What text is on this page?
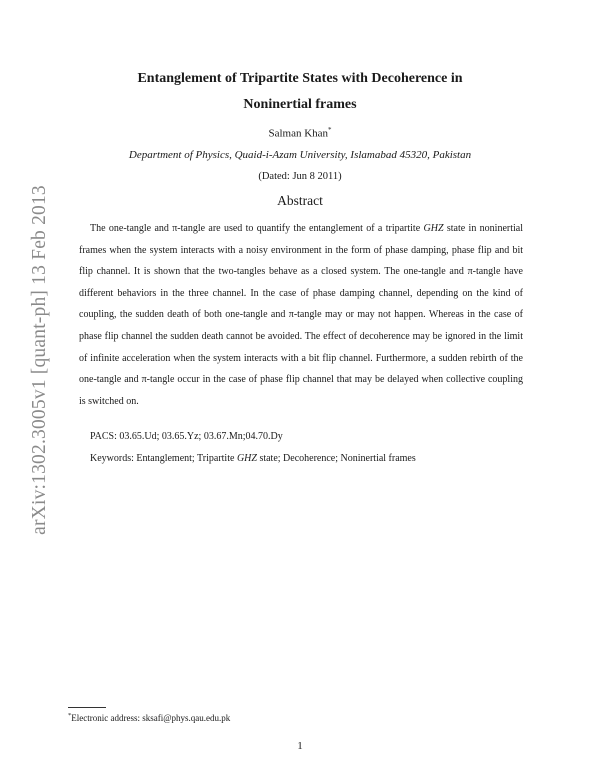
arXiv:1302.3005v1 [quant-ph] 13 Feb 2013
Entanglement of Tripartite States with Decoherence in
Noninertial frames
Salman Khan*
Department of Physics, Quaid-i-Azam University, Islamabad 45320, Pakistan
(Dated: Jun 8 2011)
Abstract

The one-tangle and π-tangle are used to quantify the entanglement of a tripartite GHZ state in noninertial frames when the system interacts with a noisy environment in the form of phase damping, phase flip and bit flip channel. It is shown that the two-tangles behave as a closed system. The one-tangle and π-tangle have different behaviors in the three channel. In the case of phase damping channel, depending on the kind of coupling, the sudden death of both one-tangle and π-tangle may or may not happen. Whereas in the case of phase flip channel the sudden death cannot be avoided. The effect of decoherence may be ignored in the limit of infinite acceleration when the system interacts with a bit flip channel. Furthermore, a sudden rebirth of the one-tangle and π-tangle occur in the case of phase flip channel that may be delayed when collective coupling is switched on.

PACS: 03.65.Ud; 03.65.Yz; 03.67.Mn;04.70.Dy
Keywords: Entanglement; Tripartite GHZ state; Decoherence; Noninertial frames
*Electronic address: sksafi@phys.qau.edu.pk
1
